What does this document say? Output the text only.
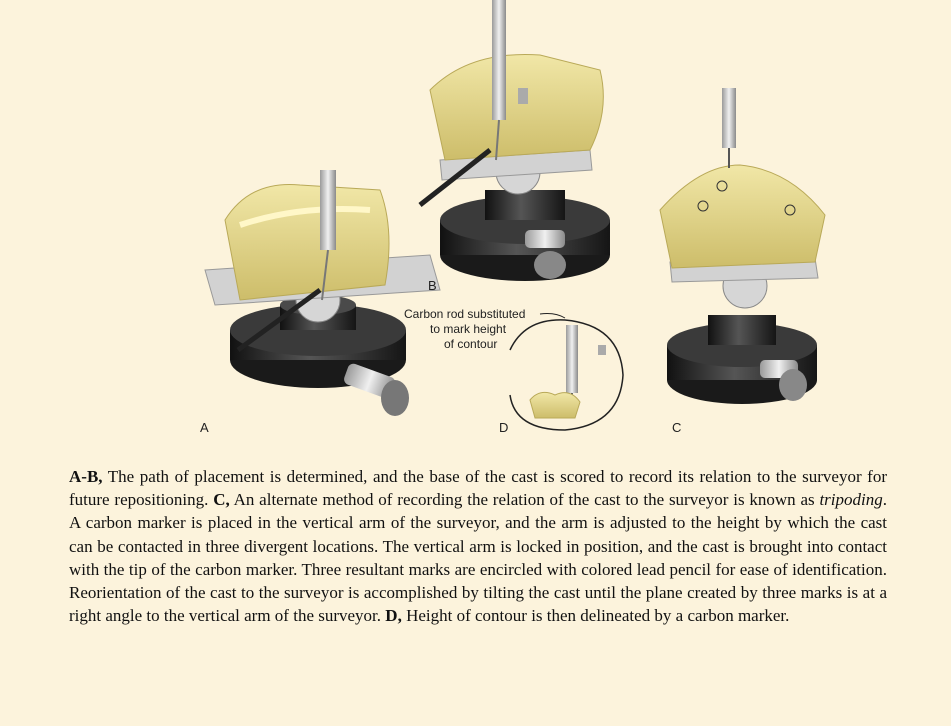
A
B
Carbon rod substituted
to mark height
of contour
D	C

A-B, The path of placement is determined, and the base of the cast is scored to record its relation to the surveyor for future repositioning. C, An alternate method of recording the relation of the cast to the surveyor is known as tripoding. A carbon marker is placed in the vertical arm of the surveyor, and the arm is adjusted to the height by which the cast can be contacted in three divergent locations. The vertical arm is locked in position, and the cast is brought into contact with the tip of the carbon marker. Three resultant marks are encircled with colored lead pencil for ease of identification. Reorientation of the cast to the surveyor is accomplished by tilting the cast until the plane created by three marks is at a right angle to the vertical arm of the surveyor. D, Height of contour is then delineated by a carbon marker.
